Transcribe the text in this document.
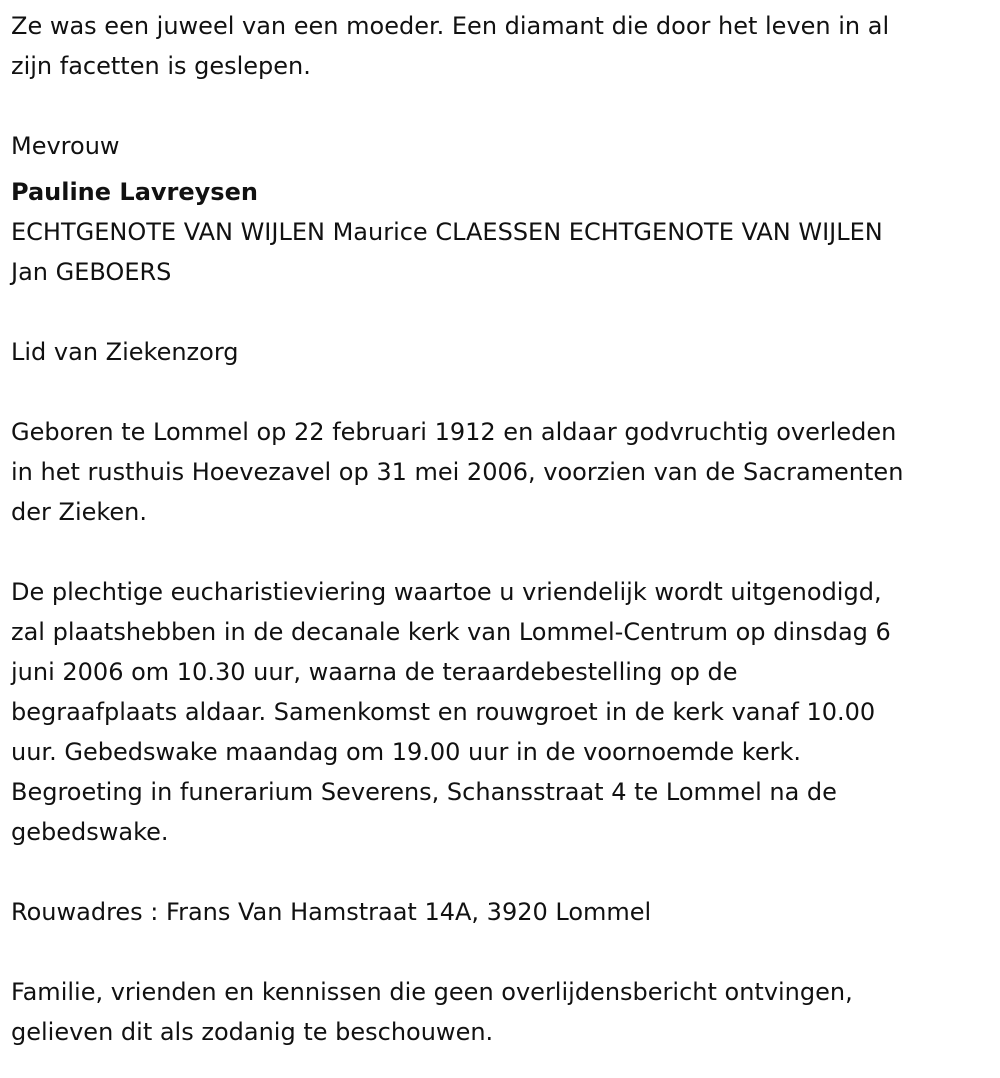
Ze was een juweel van een moeder. Een diamant die door het leven in al
zijn facetten is geslepen.
Mevrouw
Pauline Lavreysen
ECHTGENOTE VAN WIJLEN Maurice CLAESSEN ECHTGENOTE VAN WIJLEN
Jan GEBOERS
Lid van Ziekenzorg
Geboren te Lommel op 22 februari 1912 en aldaar godvruchtig overleden
in het rusthuis Hoevezavel op 31 mei 2006, voorzien van de Sacramenten
der Zieken.
De plechtige eucharistieviering waartoe u vriendelijk wordt uitgenodigd,
zal plaatshebben in de decanale kerk van Lommel-Centrum op dinsdag 6
juni 2006 om 10.30 uur, waarna de teraardebestelling op de
begraafplaats aldaar. Samenkomst en rouwgroet in de kerk vanaf 10.00
uur. Gebedswake maandag om 19.00 uur in de voornoemde kerk.
Begroeting in funerarium Severens, Schansstraat 4 te Lommel na de
gebedswake.
Rouwadres : Frans Van Hamstraat 14A, 3920 Lommel
Familie, vrienden en kennissen die geen overlijdensbericht ontvingen,
gelieven dit als zodanig te beschouwen.
